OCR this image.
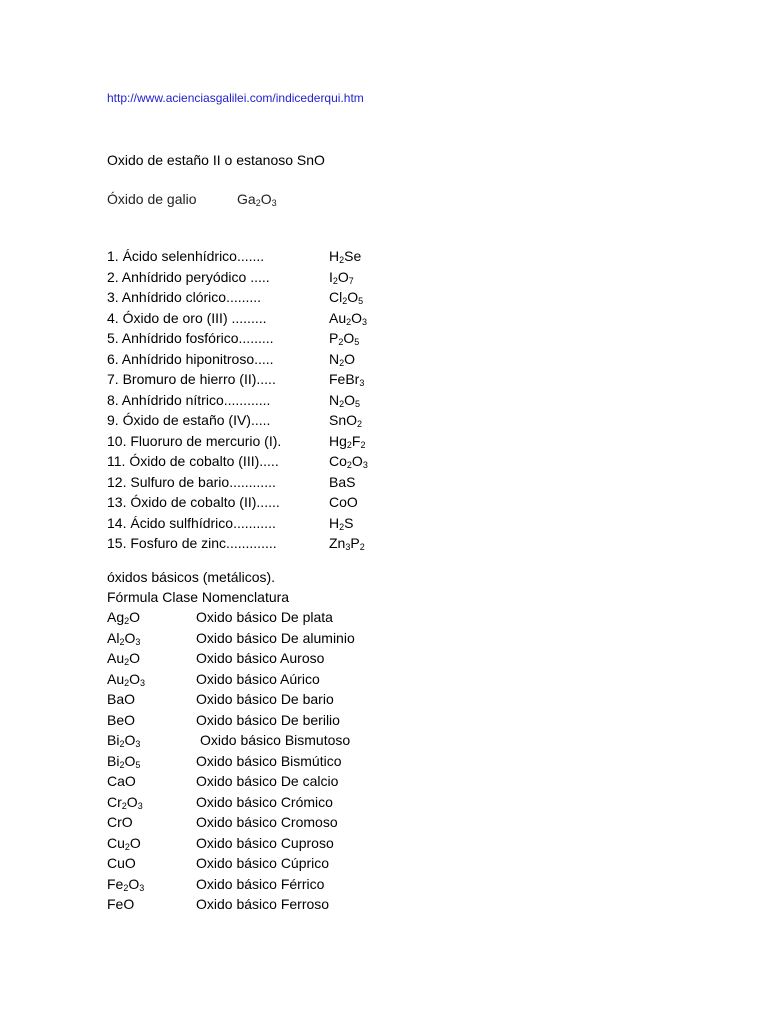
http://www.acienciasgalilei.com/indicederqui.htm
Oxido de estaño II o estanoso SnO
Óxido de galio	$Ga_2O_3$
1. Ácido selenhídrico.......	$H_2Se$
2. Anhídrido peryódico .....	$I_2O_7$
3. Anhídrido clórico.........	$Cl_2O_5$
4. Óxido de oro (III) .........	$Au_2O_3$
5. Anhídrido fosfórico.........	$P_2O_5$
6. Anhídrido hiponitroso.....	$N_2O$
7. Bromuro de hierro (II).....	FeBr$_3$
8. Anhídrido nítrico............	$N_2O_5$
9. Óxido de estaño (IV).....	SnO$_2$
10. Fluoruro de mercurio (I).	$Hg_2F_2$
11. Óxido de cobalto (III).....	$Co_2O_3$
12. Sulfuro de bario............	BaS
13. Óxido de cobalto (II)......	CoO
14. Ácido sulfhídrico...........	$H_2S$
15. Fosfuro de zinc.............	$Zn_3P_2$
óxidos básicos (metálicos).
Fórmula Clase Nomenclatura
$Ag_2O$	Oxido básico De plata
$Al_2O_3$	Oxido básico De aluminio
$Au_2O$	Oxido básico Auroso
$Au_2O_3$	Oxido básico Aúrico
BaO	Oxido básico De bario
BeO	Oxido básico De berilio
$Bi_2O_3$	Oxido básico Bismutoso
$Bi_2O_5$	Oxido básico Bismútico
CaO	Oxido básico De calcio
$Cr_2O_3$	Oxido básico Crómico
CrO	Oxido básico Cromoso
$Cu_2O$	Oxido básico Cuproso
CuO	Oxido básico Cúprico
$Fe_2O_3$	Oxido básico Férrico
FeO	Oxido básico Ferroso
